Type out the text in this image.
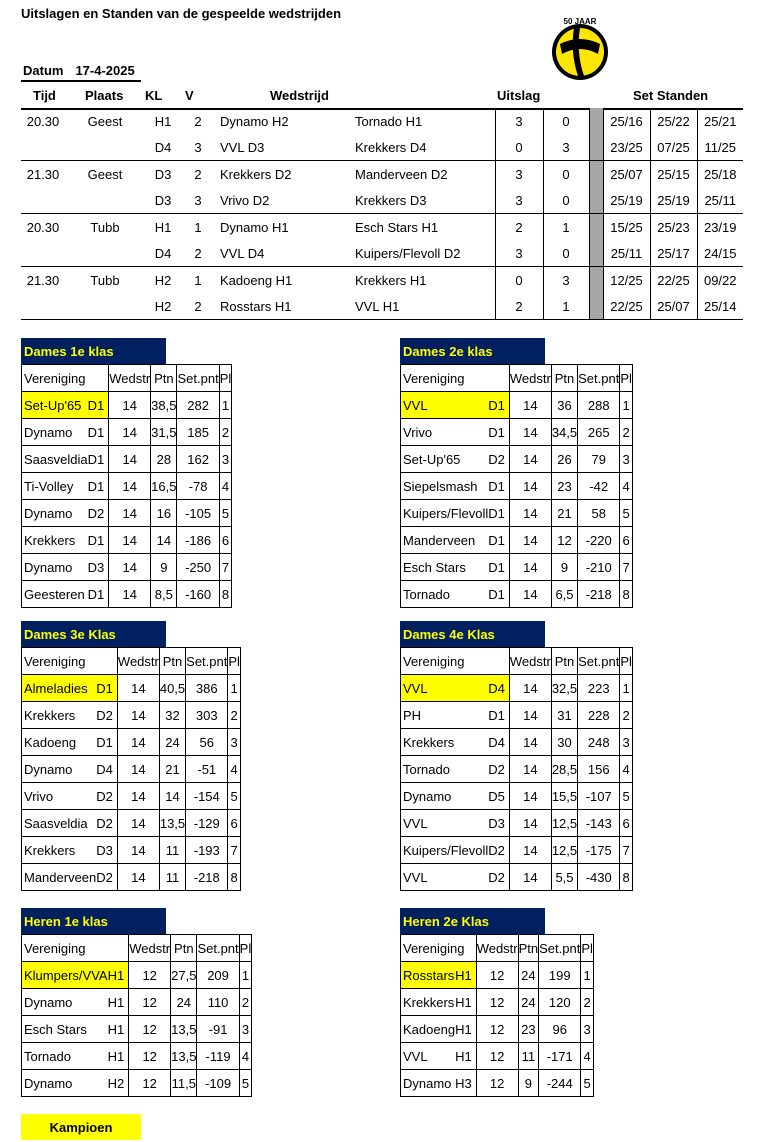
Uitslagen en Standen van de gespeelde wedstrijden
50 JAAR
Datum 17-4-2025
Tijd Plaats KL V	Wedstrijd	Uitslag	Set Standen
20.30	Geest	H1	2	Dynamo H2	Tornado H1	3	0		25/16	25/22	25/21
		D4	3	VVL D3	Krekkers D4	0	3		23/25	07/25	11/25
21.30	Geest	D3	2	Krekkers D2	Manderveen D2	3	0		25/07	25/15	25/18
		D3	3	Vrivo D2	Krekkers D3	3	0		25/19	25/19	25/11
20.30	Tubb	H1	1	Dynamo H1	Esch Stars H1	2	1		15/25	25/23	23/19
		D4	2	VVL D4	Kuipers/Flevoll D2	3	0		25/11	25/17	24/15
21.30	Tubb	H2	1	Kadoeng H1	Krekkers H1	0	3		12/25	22/25	09/22
		H2	2	Rosstars H1	VVL H1	2	1		22/25	25/07	25/14
Dames 1e klas
Vereniging		Wedstr	Ptn	Set.pnt	Pl
Set-Up'65	D1	14	38,5	282	1
Dynamo	D1	14	31,5	185	2
Saasveldia	D1	14	28	162	3
Ti-Volley	D1	14	16,5	-78	4
Dynamo	D2	14	16	-105	5
Krekkers	D1	14	14	-186	6
Dynamo	D3	14	9	-250	7
Geesteren	D1	14	8,5	-160	8
Dames 2e klas
Vereniging		Wedstr	Ptn	Set.pnt	Pl
VVL	D1	14	36	288	1
Vrivo	D1	14	34,5	265	2
Set-Up'65	D2	14	26	79	3
Siepelsmash	D1	14	23	-42	4
Kuipers/Flevoll	D1	14	21	58	5
Manderveen	D1	14	12	-220	6
Esch Stars	D1	14	9	-210	7
Tornado	D1	14	6,5	-218	8
Dames 3e Klas
Vereniging		Wedstr	Ptn	Set.pnt	Pl
Almeladies	D1	14	40,5	386	1
Krekkers	D2	14	32	303	2
Kadoeng	D1	14	24	56	3
Dynamo	D4	14	21	-51	4
Vrivo	D2	14	14	-154	5
Saasveldia	D2	14	13,5	-129	6
Krekkers	D3	14	11	-193	7
Manderveen	D2	14	11	-218	8
Dames 4e Klas
Vereniging		Wedstr	Ptn	Set.pnt	Pl
VVL	D4	14	32,5	223	1
PH	D1	14	31	228	2
Krekkers	D4	14	30	248	3
Tornado	D2	14	28,5	156	4
Dynamo	D5	14	15,5	-107	5
VVL	D3	14	12,5	-143	6
Kuipers/Flevoll	D2	14	12,5	-175	7
VVL	D2	14	5,5	-430	8
Heren 1e klas
Vereniging		Wedstr	Ptn	Set.pnt	Pl
Klumpers/VVA	H1	12	27,5	209	1
Dynamo	H1	12	24	110	2
Esch Stars	H1	12	13,5	-91	3
Tornado	H1	12	13,5	-119	4
Dynamo	H2	12	11,5	-109	5
Heren 2e Klas
Vereniging		Wedstr	Ptn	Set.pnt	Pl
Rosstars	H1	12	24	199	1
Krekkers	H1	12	24	120	2
Kadoeng	H1	12	23	96	3
VVL	H1	12	11	-171	4
Dynamo	H3	12	9	-244	5
Kampioen
